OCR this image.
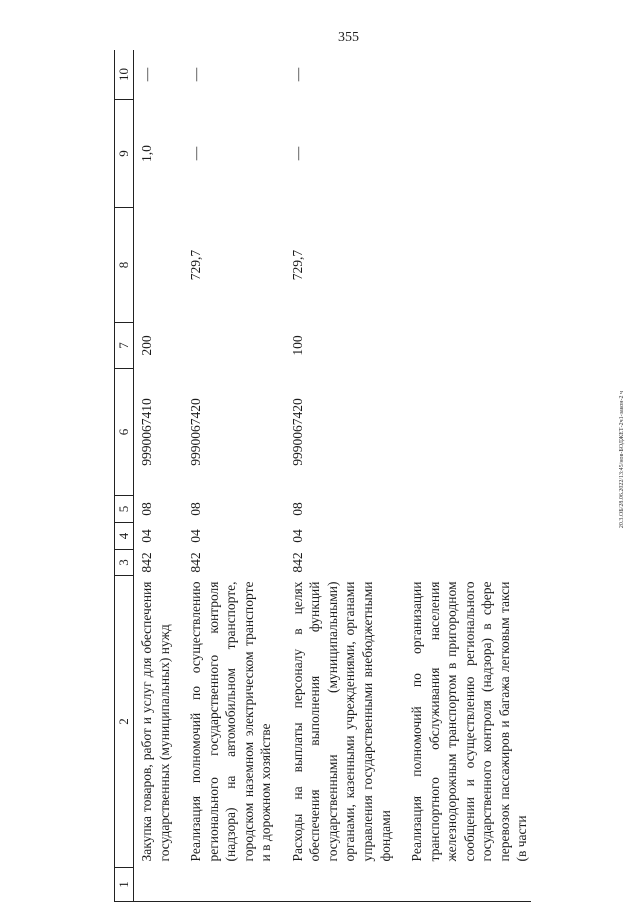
355
20.3.ОБ/28.06.2022/13:45/нов-БОДЖЕТ-2ч1-закон-2 ч
1	2	3	4	5	6	7	8	9	10
	Закупка товаров, работ и услуг для обеспечения государственных (муниципальных) нужд	842	04	08	9990067410	200		1,0	—
	Реализация полномочий по осуществлению регионального государственного контроля (надзора) на автомобильном транспорте, городском наземном электрическом транспорте и в дорожном хозяйстве	842	04	08	9990067420		729,7	—	—
	Расходы на выплаты персоналу в целях обеспечения выполнения функций государственными (муниципальными) органами, казенными учреждениями, органами управления государственными внебюджетными фондами	842	04	08	9990067420	100	729,7	—	—
	Реализация полномочий по организации транспортного обслуживания населения железнодорожным транспортом в пригородном сообщении и осуществлению регионального государственного контроля (надзора) в сфере перевозок пассажиров и багажа легковым такси (в части								
